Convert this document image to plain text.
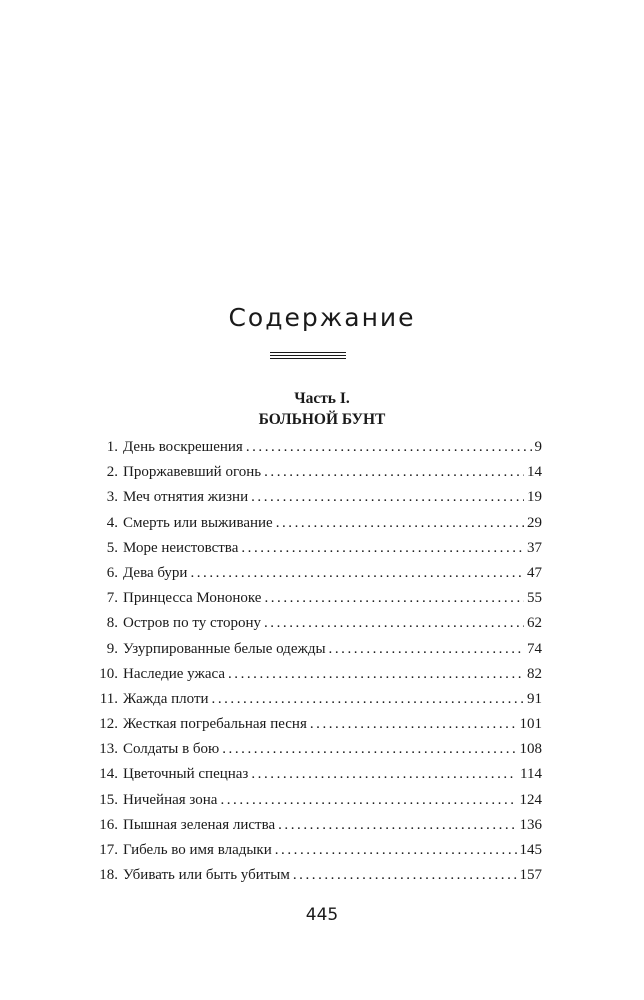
Содержание
Часть I.
БОЛЬНОЙ БУНТ
1. День воскрешения . . .	9
2. Проржавевший огонь . . .	14
3. Меч отнятия жизни . . .	19
4. Смерть или выживание . . .	29
5. Море неистовства . . .	37
6. Дева бури . . .	47
7. Принцесса Мононоке . . .	55
8. Остров по ту сторону . . .	62
9. Узурпированные белые одежды . . .	74
10. Наследие ужаса . . .	82
11. Жажда плоти . . .	91
12. Жесткая погребальная песня . . .	101
13. Солдаты в бою . . .	108
14. Цветочный спецназ . . .	114
15. Ничейная зона . . .	124
16. Пышная зеленая листва . . .	136
17. Гибель во имя владыки . . .	145
18. Убивать или быть убитым . . .	157
445
